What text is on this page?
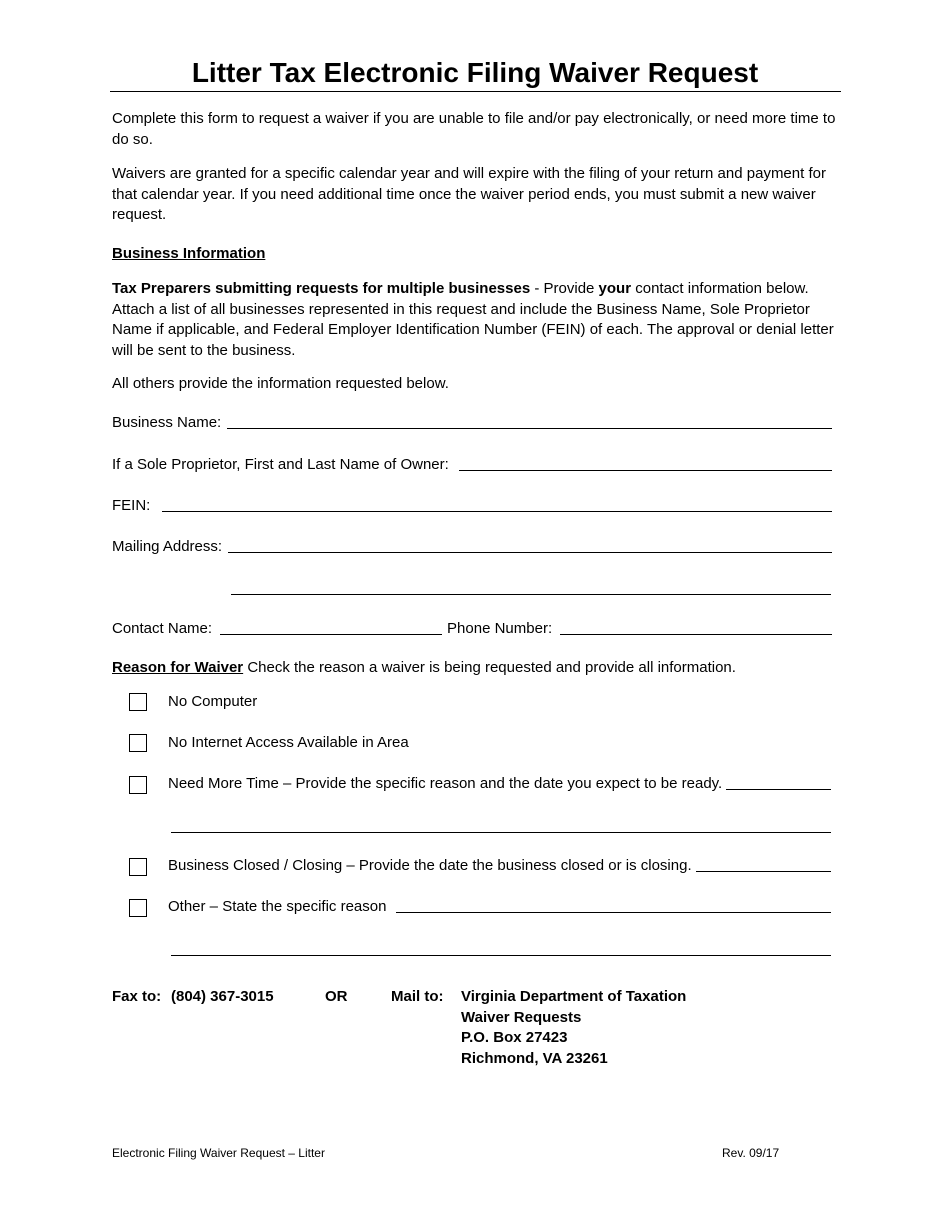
Litter Tax Electronic Filing Waiver Request
Complete this form to request a waiver if you are unable to file and/or pay electronically, or need more time to do so.
Waivers are granted for a specific calendar year and will expire with the filing of your return and payment for that calendar year. If you need additional time once the waiver period ends, you must submit a new waiver request.
Business Information
Tax Preparers submitting requests for multiple businesses - Provide your contact information below. Attach a list of all businesses represented in this request and include the Business Name, Sole Proprietor Name if applicable, and Federal Employer Identification Number (FEIN) of each. The approval or denial letter will be sent to the business.
All others provide the information requested below.
Business Name:
If a Sole Proprietor, First and Last Name of Owner:
FEIN:
Mailing Address:
Contact Name:	Phone Number:
Reason for Waiver Check the reason a waiver is being requested and provide all information.
No Computer
No Internet Access Available in Area
Need More Time – Provide the specific reason and the date you expect to be ready.
Business Closed / Closing – Provide the date the business closed or is closing.
Other – State the specific reason
Fax to: (804) 367-3015	OR	Mail to: Virginia Department of Taxation
Waiver Requests
P.O. Box 27423
Richmond, VA 23261
Electronic Filing Waiver Request – Litter	Rev. 09/17
